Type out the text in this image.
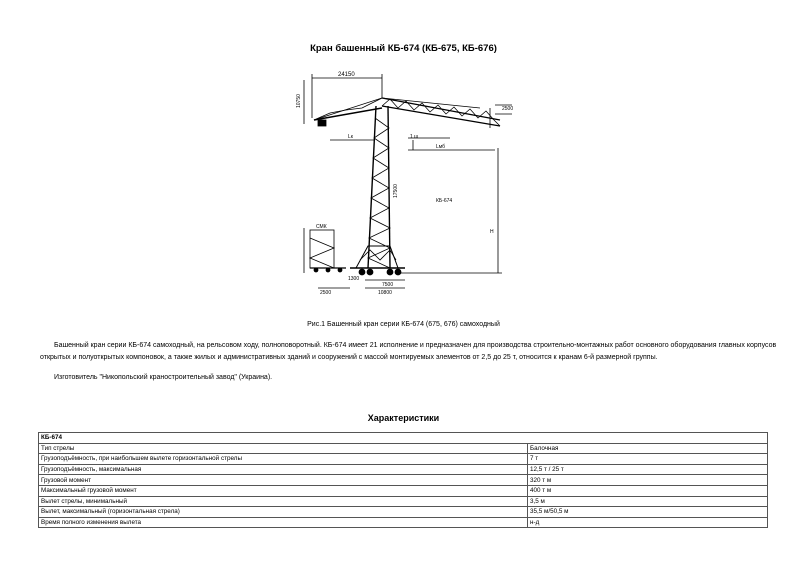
Кран башенный КБ-674 (КБ-675, КБ-676)
24150
10750
2500
1 ш
Lк
Lмб
КБ-674
Н
СМК
7500
10800
2500
1300
17500
Рис.1 Башенный кран серии КБ-674 (675, 676) самоходный
Башенный кран серии КБ-674 самоходный, на рельсовом ходу, полноповоротный. КБ-674 имеет 21 исполнение и предназначен для производства строительно-монтажных работ основного оборудования главных корпусов открытых и полуоткрытых компоновок, а также жилых и административных зданий и сооружений с массой монтируемых элементов от 2,5 до 25 т, относится к кранам 6-й размерной группы.
Изготовитель "Никопольский краностроительный завод" (Украина).
Характеристики
КБ-674	
Тип стрелы	Балочная
Грузоподъёмность, при наибольшем вылете горизонтальной стрелы	7 т
Грузоподъёмность, максимальная	12,5 т / 25 т
Грузовой момент	320 т м
Максимальный грузовой момент	400 т м
Вылет стрелы, минимальный	3,5 м
Вылет, максимальный (горизонтальная стрела)	35,5 м/50,5 м
Время полного изменения вылета	н-д
